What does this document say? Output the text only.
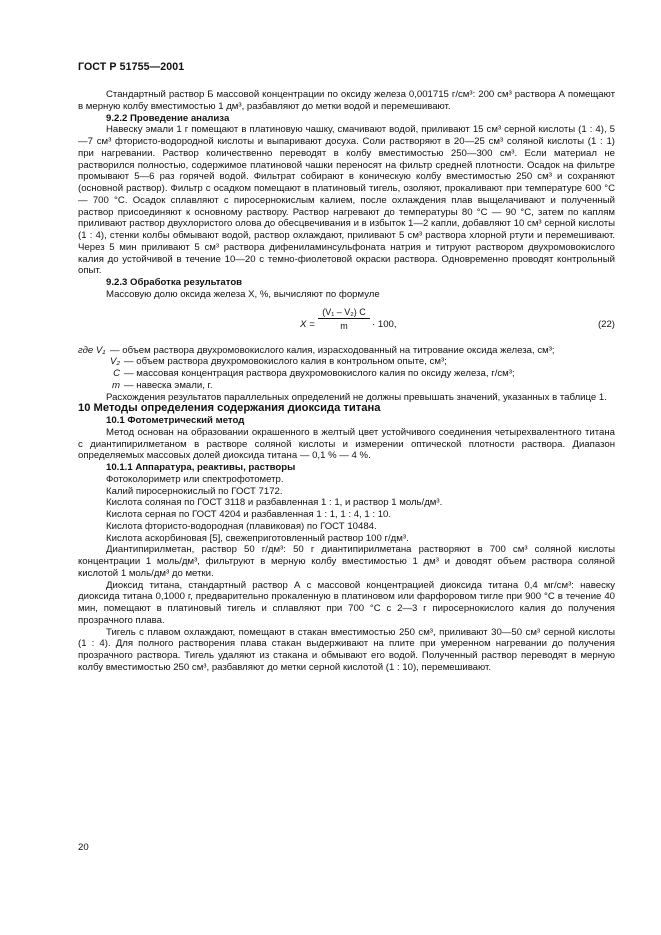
ГОСТ Р 51755—2001

Стандартный раствор Б массовой концентрации по оксиду железа 0,001715 г/см³: 200 см³ раствора А помещают в мерную колбу вместимостью 1 дм³, разбавляют до метки водой и перемешивают.

9.2.2 Проведение анализа

Навеску эмали 1 г помещают в платиновую чашку, смачивают водой, приливают 15 см³ серной кислоты (1 : 4), 5—7 см³ фтористо-водородной кислоты и выпаривают досуха. Соли растворяют в 20—25 см³ соляной кислоты (1 : 1) при нагревании. Раствор количественно переводят в колбу вместимостью 250—300 см³. Если материал не растворился полностью, содержимое платиновой чашки переносят на фильтр средней плотности. Осадок на фильтре промывают 5—6 раз горячей водой. Фильтрат собирают в коническую колбу вместимостью 250 см³ и сохраняют (основной раствор). Фильтр с осадком помещают в платиновый тигель, озоляют, прокаливают при температуре 600 °С — 700 °С. Осадок сплавляют с пиросернокислым калием, после охлаждения плав выщелачивают и полученный раствор присоединяют к основному раствору. Раствор нагревают до температуры 80 °С — 90 °С, затем по каплям приливают раствор двухлористого олова до обесцвечивания и в избыток 1—2 капли, добавляют 10 см³ серной кислоты (1 : 4), стенки колбы обмывают водой, раствор охлаждают, приливают 5 см³ раствора хлорной ртути и перемешивают. Через 5 мин приливают 5 см³ раствора дифениламинсульфоната натрия и титруют раствором двухромовокислого калия до устойчивой в течение 10—20 с темно-фиолетовой окраски раствора. Одновременно проводят контрольный опыт.

9.2.3 Обработка результатов

Массовую долю оксида железа X, %, вычисляют по формуле

$X = \frac{\text{(V₁ – V₂) C}}{m} \cdot 100$,	(22)
где V₁ — объем раствора двухромовокислого калия, израсходованный на титрование оксида железа, см³;
V₂ — объем раствора двухромовокислого калия в контрольном опыте, см³;
C — массовая концентрация раствора двухромовокислого калия по оксиду железа, г/см³;
m — навеска эмали, г.

Расхождения результатов параллельных определений не должны превышать значений, указанных в таблице 1.

10 Методы определения содержания диоксида титана

10.1 Фотометрический метод

Метод основан на образовании окрашенного в желтый цвет устойчивого соединения четырехвалентного титана с диантипирилметаном в растворе соляной кислоты и измерении оптической плотности раствора. Диапазон определяемых массовых долей диоксида титана — 0,1 % — 4 %.

10.1.1 Аппаратура, реактивы, растворы

Фотоколориметр или спектрофотометр.

Калий пиросернокислый по ГОСТ 7172.

Кислота соляная по ГОСТ 3118 и разбавленная 1 : 1, и раствор 1 моль/дм³.

Кислота серная по ГОСТ 4204 и разбавленная 1 : 1, 1 : 4, 1 : 10.

Кислота фтористо-водородная (плавиковая) по ГОСТ 10484.

Кислота аскорбиновая [5], свежеприготовленный раствор 100 г/дм³.

Диантипирилметан, раствор 50 г/дм³: 50 г диантипирилметана растворяют в 700 см³ соляной кислоты концентрации 1 моль/дм³, фильтруют в мерную колбу вместимостью 1 дм³ и доводят объем раствора соляной кислотой 1 моль/дм³ до метки.

Диоксид титана, стандартный раствор А с массовой концентрацией диоксида титана 0,4 мг/см³: навеску диоксида титана 0,1000 г, предварительно прокаленную в платиновом или фарфоровом тигле при 900 °С в течение 40 мин, помещают в платиновый тигель и сплавляют при 700 °С с 2—3 г пиросернокислого калия до получения прозрачного плава.

Тигель с плавом охлаждают, помещают в стакан вместимостью 250 см³, приливают 30—50 см³ серной кислоты (1 : 4). Для полного растворения плава стакан выдерживают на плите при умеренном нагревании до получения прозрачного раствора. Тигель удаляют из стакана и обмывают его водой. Полученный раствор переводят в мерную колбу вместимостью 250 см³, разбавляют до метки серной кислотой (1 : 10), перемешивают.

20
